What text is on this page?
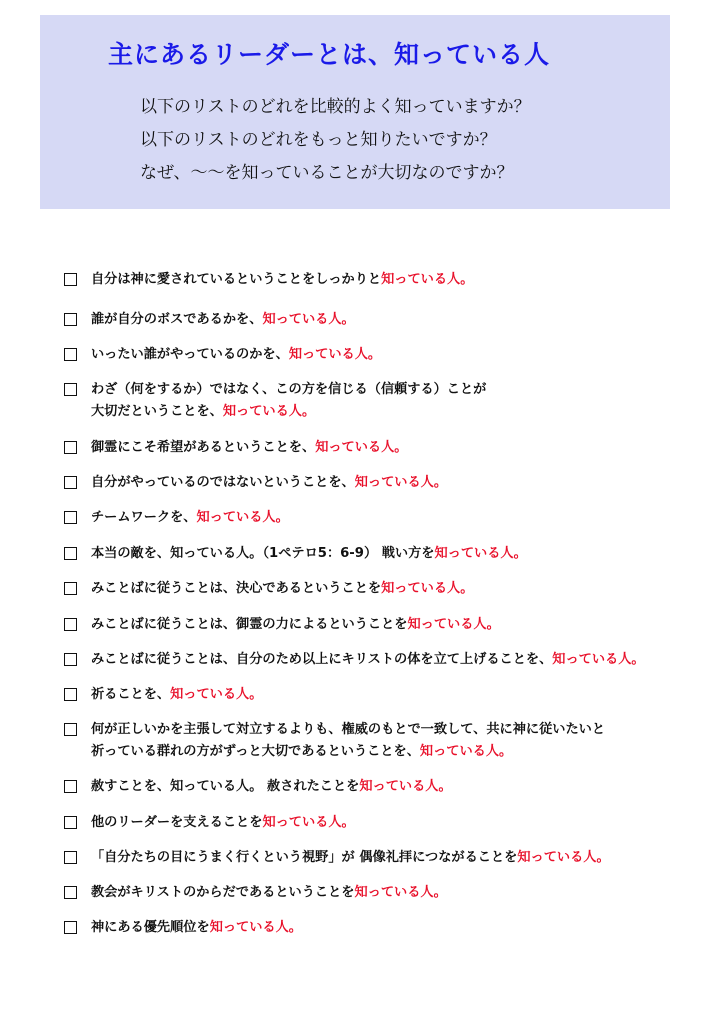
主にあるリーダーとは、知っている人

以下のリストのどれを比較的よく知っていますか？

以下のリストのどれをもっと知りたいですか？

なぜ、～～を知っていることが大切なのですか？

自分は神に愛されているということをしっかりと知っている人。
誰が自分のボスであるかを、知っている人。
いったい誰がやっているのかを、知っている人。
わざ（何をするか）ではなく、この方を信じる（信頼する）ことが
大切だということを、知っている人。
御霊にこそ希望があるということを、知っている人。
自分がやっているのではないということを、知っている人。
チームワークを、知っている人。
本当の敵を、知っている人。（1ペテロ5：6-9） 戦い方を知っている人。
みことばに従うことは、決心であるということを知っている人。
みことばに従うことは、御霊の力によるということを知っている人。
みことばに従うことは、自分のため以上にキリストの体を立て上げることを、知っている人。
祈ることを、知っている人。
何が正しいかを主張して対立するよりも、権威のもとで一致して、共に神に従いたいと
祈っている群れの方がずっと大切であるということを、知っている人。
赦すことを、知っている人。 赦されたことを知っている人。
他のリーダーを支えることを知っている人。
「自分たちの目にうまく行くという視野」が 偶像礼拝につながることを知っている人。
教会がキリストのからだであるということを知っている人。
神にある優先順位を知っている人。
